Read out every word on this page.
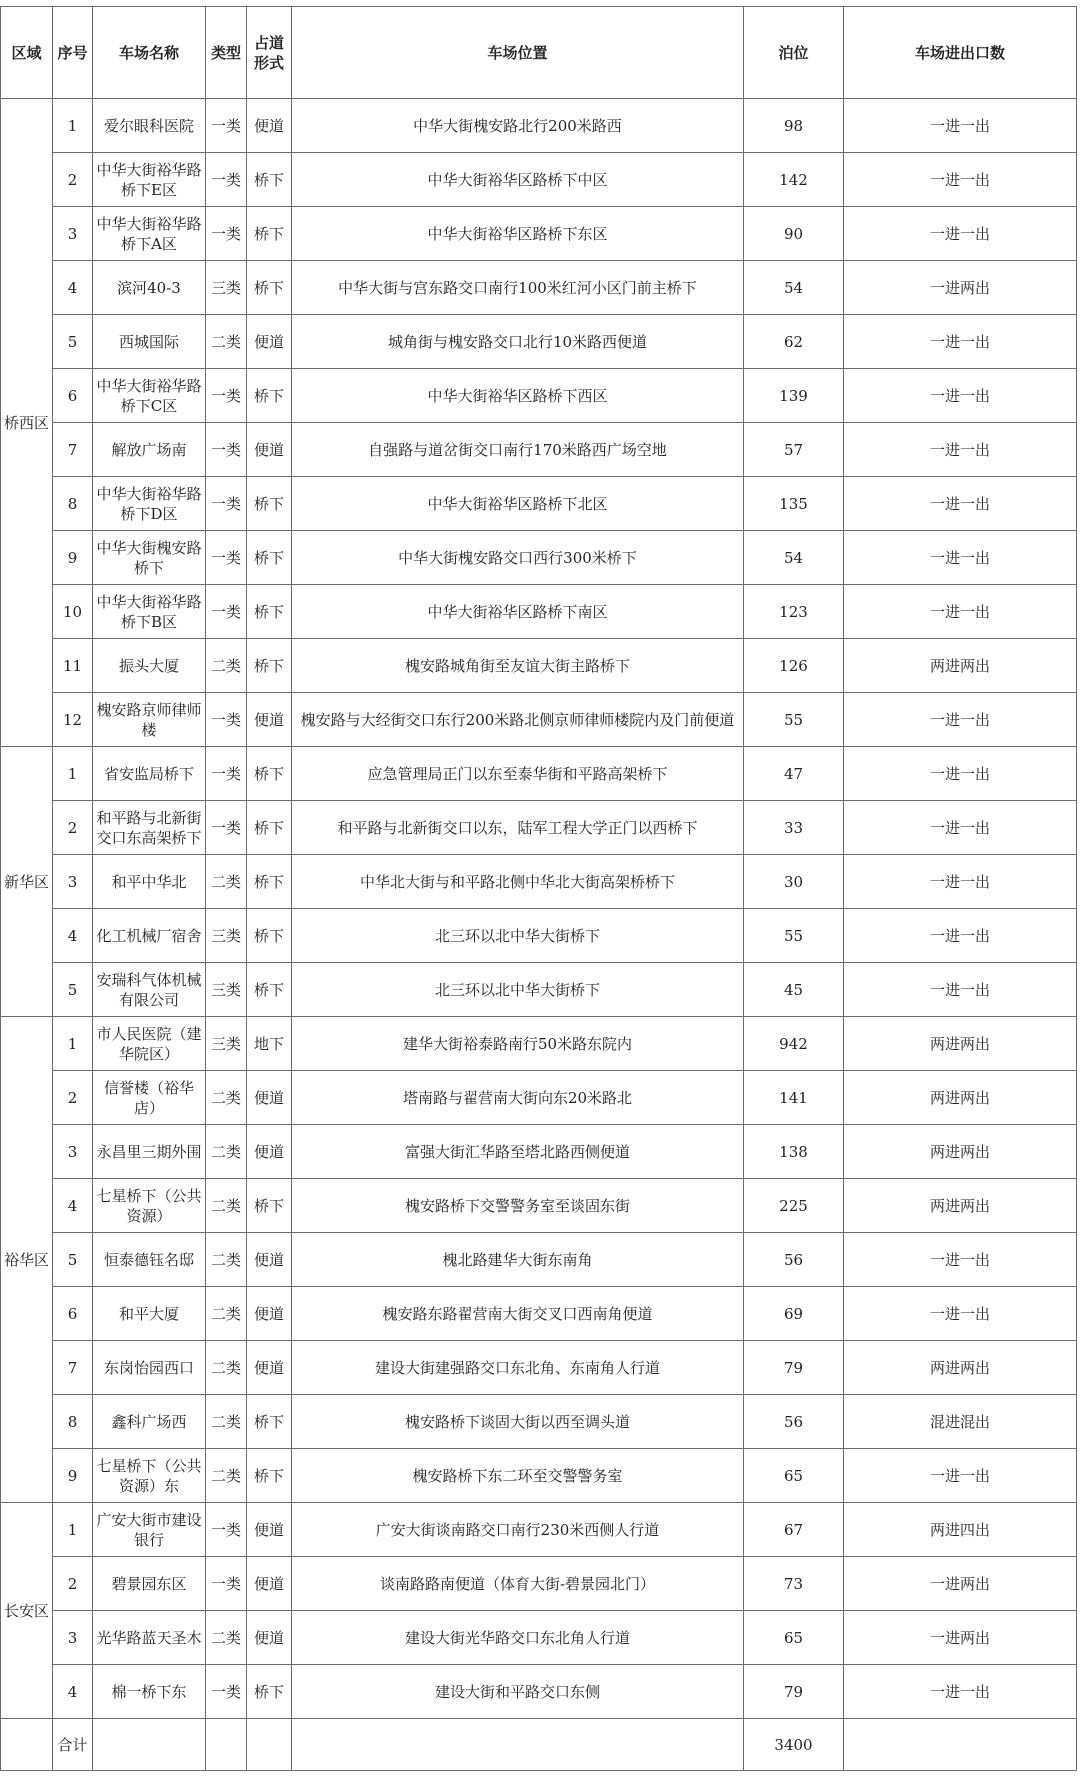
区域	序号	车场名称	类型	占道形式	车场位置	泊位	车场进出口数
桥西区	1	爱尔眼科医院	一类	便道	中华大街槐安路北行200米路西	98	一进一出
	2	中华大街裕华路桥下E区	一类	桥下	中华大街裕华区路桥下中区	142	一进一出
	3	中华大街裕华路桥下A区	一类	桥下	中华大街裕华区路桥下东区	90	一进一出
	4	滨河40-3	三类	桥下	中华大街与宫东路交口南行100米红河小区门前主桥下	54	一进两出
	5	西城国际	二类	便道	城角街与槐安路交口北行10米路西便道	62	一进一出
	6	中华大街裕华路桥下C区	一类	桥下	中华大街裕华区路桥下西区	139	一进一出
	7	解放广场南	一类	便道	自强路与道岔街交口南行170米路西广场空地	57	一进一出
	8	中华大街裕华路桥下D区	一类	桥下	中华大街裕华区路桥下北区	135	一进一出
	9	中华大街槐安路桥下	一类	桥下	中华大街槐安路交口西行300米桥下	54	一进一出
	10	中华大街裕华路桥下B区	一类	桥下	中华大街裕华区路桥下南区	123	一进一出
	11	振头大厦	二类	桥下	槐安路城角街至友谊大街主路桥下	126	两进两出
	12	槐安路京师律师楼	一类	便道	槐安路与大经街交口东行200米路北侧京师律师楼院内及门前便道	55	一进一出
新华区	1	省安监局桥下	一类	桥下	应急管理局正门以东至泰华街和平路高架桥下	47	一进一出
	2	和平路与北新街交口东高架桥下	一类	桥下	和平路与北新街交口以东，陆军工程大学正门以西桥下	33	一进一出
	3	和平中华北	二类	桥下	中华北大街与和平路北侧中华北大街高架桥桥下	30	一进一出
	4	化工机械厂宿舍	三类	桥下	北三环以北中华大街桥下	55	一进一出
	5	安瑞科气体机械有限公司	三类	桥下	北三环以北中华大街桥下	45	一进一出
裕华区	1	市人民医院（建华院区）	三类	地下	建华大街裕泰路南行50米路东院内	942	两进两出
	2	信誉楼（裕华店）	二类	便道	塔南路与翟营南大街向东20米路北	141	两进两出
	3	永昌里三期外围	二类	便道	富强大街汇华路至塔北路西侧便道	138	两进两出
	4	七星桥下（公共资源）	二类	桥下	槐安路桥下交警警务室至谈固东街	225	两进两出
	5	恒泰德钰名邸	二类	便道	槐北路建华大街东南角	56	一进一出
	6	和平大厦	二类	便道	槐安路东路翟营南大街交叉口西南角便道	69	一进一出
	7	东岗怡园西口	二类	便道	建设大街建强路交口东北角、东南角人行道	79	两进两出
	8	鑫科广场西	二类	桥下	槐安路桥下谈固大街以西至调头道	56	混进混出
	9	七星桥下（公共资源）东	二类	桥下	槐安路桥下东二环至交警警务室	65	一进一出
长安区	1	广安大街市建设银行	一类	便道	广安大街谈南路交口南行230米西侧人行道	67	两进四出
	2	碧景园东区	一类	便道	谈南路路南便道（体育大街-碧景园北门）	73	一进两出
	3	光华路蓝天圣木	二类	便道	建设大街光华路交口东北角人行道	65	一进两出
	4	棉一桥下东	一类	桥下	建设大街和平路交口东侧	79	一进一出
	合计					3400	
